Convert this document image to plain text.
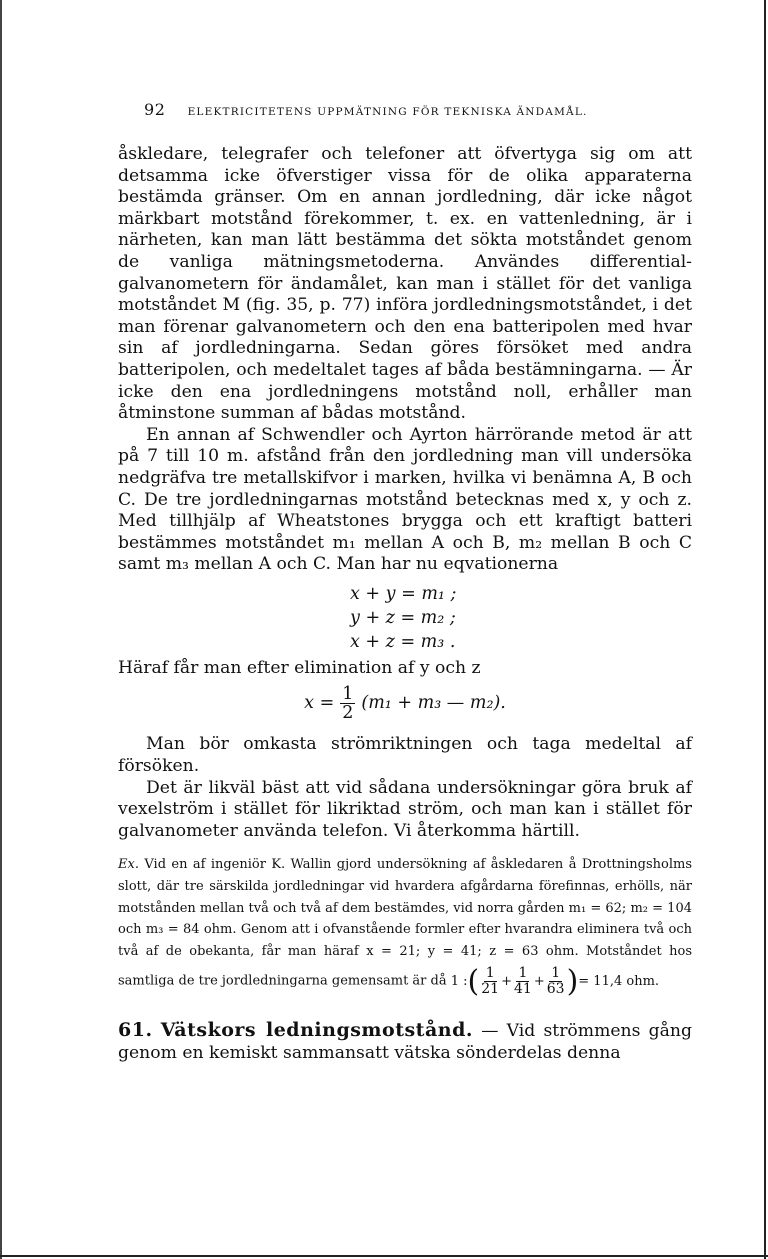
92 ELEKTRICITETENS UPPMÄTNING FÖR TEKNISKA ÄNDAMÅL.

åskledare, telegrafer och telefoner att öfvertyga sig om att detsamma icke öfverstiger vissa för de olika apparaterna bestämda gränser. Om en annan jordledning, där icke något märkbart motstånd förekommer, t. ex. en vattenledning, är i närheten, kan man lätt bestämma det sökta motståndet genom de vanliga mätningsmetoderna. Användes differential-galvanometern för ändamålet, kan man i stället för det vanliga motståndet M (fig. 35, p. 77) införa jordledningsmotståndet, i det man förenar galvanometern och den ena batteripolen med hvar sin af jordledningarna. Sedan göres försöket med andra batteripolen, och medeltalet tages af båda bestämningarna. — Är icke den ena jordledningens motstånd noll, erhåller man åtminstone summan af bådas motstånd.

En annan af Schwendler och Ayrton härrörande metod är att på 7 till 10 m. afstånd från den jordledning man vill undersöka nedgräfva tre metallskifvor i marken, hvilka vi benämna A, B och C. De tre jordledningarnas motstånd betecknas med x, y och z. Med tillhjälp af Wheatstones brygga och ett kraftigt batteri bestämmes motståndet m₁ mellan A och B, m₂ mellan B och C samt m₃ mellan A och C. Man har nu eqvationerna

x + y = m₁ ;
y + z = m₂ ;
x + z = m₃ .

Häraf får man efter elimination af y och z

$x = \frac{1}{2} (m_1 + m_3$ — m₂).

Man bör omkasta strömriktningen och taga medeltal af försöken.

Det är likväl bäst att vid sådana undersökningar göra bruk af vexelström i stället för likriktad ström, och man kan i stället för galvanometer använda telefon. Vi återkomma härtill.

Ex. Vid en af ingeniör K. Wallin gjord undersökning af åskledaren å Drottningsholms slott, där tre särskilda jordledningar vid hvardera afgårdarna förefinnas, erhölls, när motstånden mellan två och två af dem bestämdes, vid norra gården m₁ = 62; m₂ = 104 och m₃ = 84 ohm. Genom att i ofvanstående formler efter hvarandra eliminera två och två af de obekanta, får man häraf x = 21; y = 41; z = 63 ohm. Motståndet hos samtliga de tre jordledningarna gemensamt är då 1 : ( $\frac{1}{21} + \frac{1}{41} + \frac{1}{63}$ ) = 11,4 ohm.
61. Vätskors ledningsmotstånd. — Vid strömmens gång genom en kemiskt sammansatt vätska sönderdelas denna
